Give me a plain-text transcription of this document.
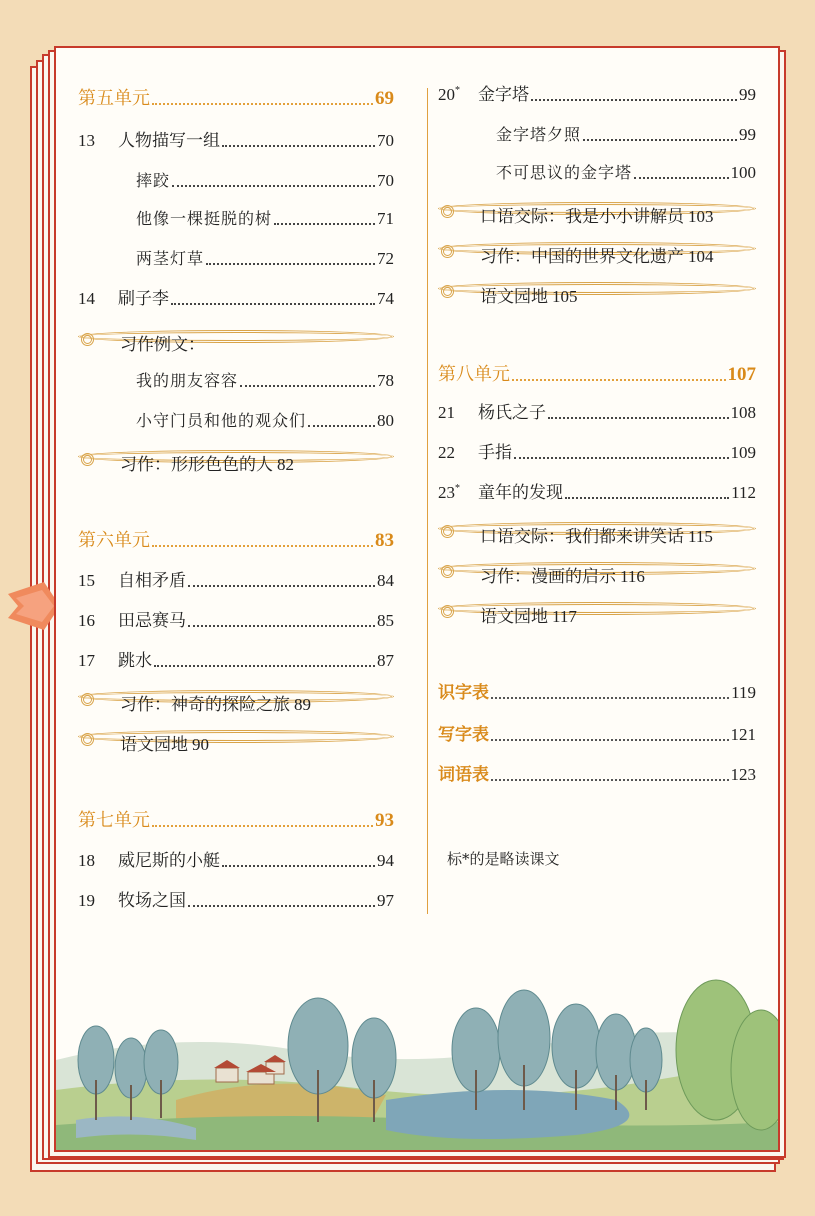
第五单元	69
13	人物描写一组	70
摔跤	70
他像一棵挺脱的树	71
两茎灯草	72
14	刷子李	74
习作例文：
我的朋友容容	78
小守门员和他的观众们	80
习作：形形色色的人 82
第六单元	83
15	自相矛盾	84
16	田忌赛马	85
17	跳水	87
习作：神奇的探险之旅 89
语文园地 90
第七单元	93
18	威尼斯的小艇	94
19	牧场之国	97
20*	金字塔	99
金字塔夕照	99
不可思议的金字塔	100
口语交际：我是小小讲解员 103
习作：中国的世界文化遗产 104
语文园地 105
第八单元	107
21	杨氏之子	108
22	手指	109
23*	童年的发现	112
口语交际：我们都来讲笑话 115
习作：漫画的启示 116
语文园地 117
识字表	119
写字表	121
词语表	123
标*的是略读课文
